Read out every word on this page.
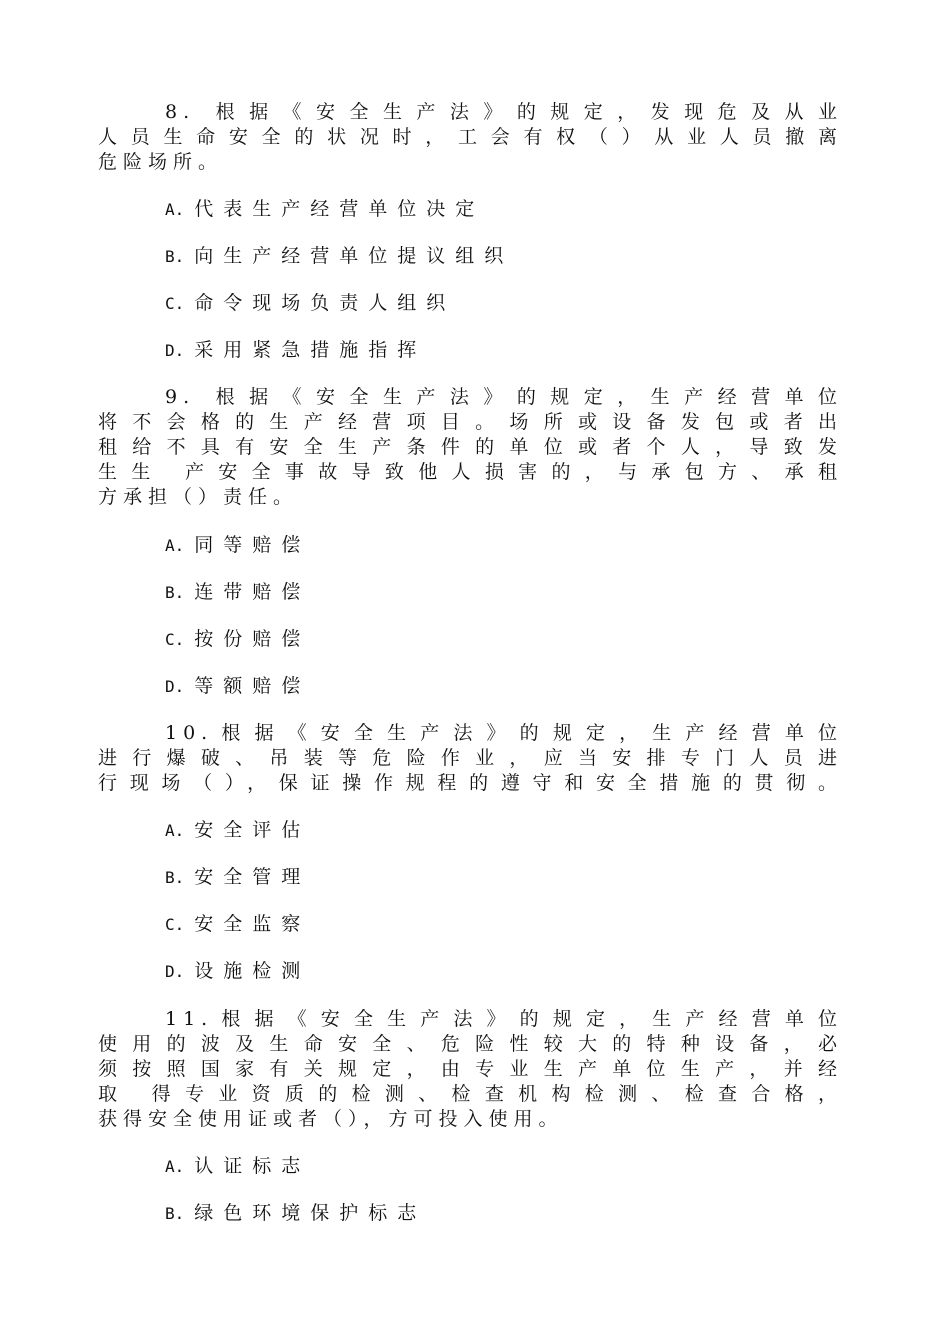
8. 根据《安全生产法》的规定，发现危及从业
人员生命安全的状况时，工会有权（）从业人员撤离
危险场所。
A. 代表生产经营单位决定
B. 向生产经营单位提议组织
C. 命令现场负责人组织
D. 采用紧急措施指挥
9. 根据《安全生产法》的规定，生产经营单位
将不会格的生产经营项目。场所或设备发包或者出
租给不具有安全生产条件的单位或者个人，导致发
生生 产安全事故导致他人损害的，与承包方、承租
方承担（）责任。
A. 同等赔偿
B. 连带赔偿
C. 按份赔偿
D. 等额赔偿
10.根据《安全生产法》的规定，生产经营单位
进行爆破、吊装等危险作业，应当安排专门人员进
行现场（），保证操作规程的遵守和安全措施的贯彻。
A. 安全评估
B. 安全管理
C. 安全监察
D. 设施检测
11.根据《安全生产法》的规定，生产经营单位
使用的波及生命安全、危险性较大的特种设备，必
须按照国家有关规定，由专业生产单位生产，并经
取 得专业资质的检测、检查机构检测、检查合格，
获得安全使用证或者（），方可投入使用。
A. 认证标志
B. 绿色环境保护标志
